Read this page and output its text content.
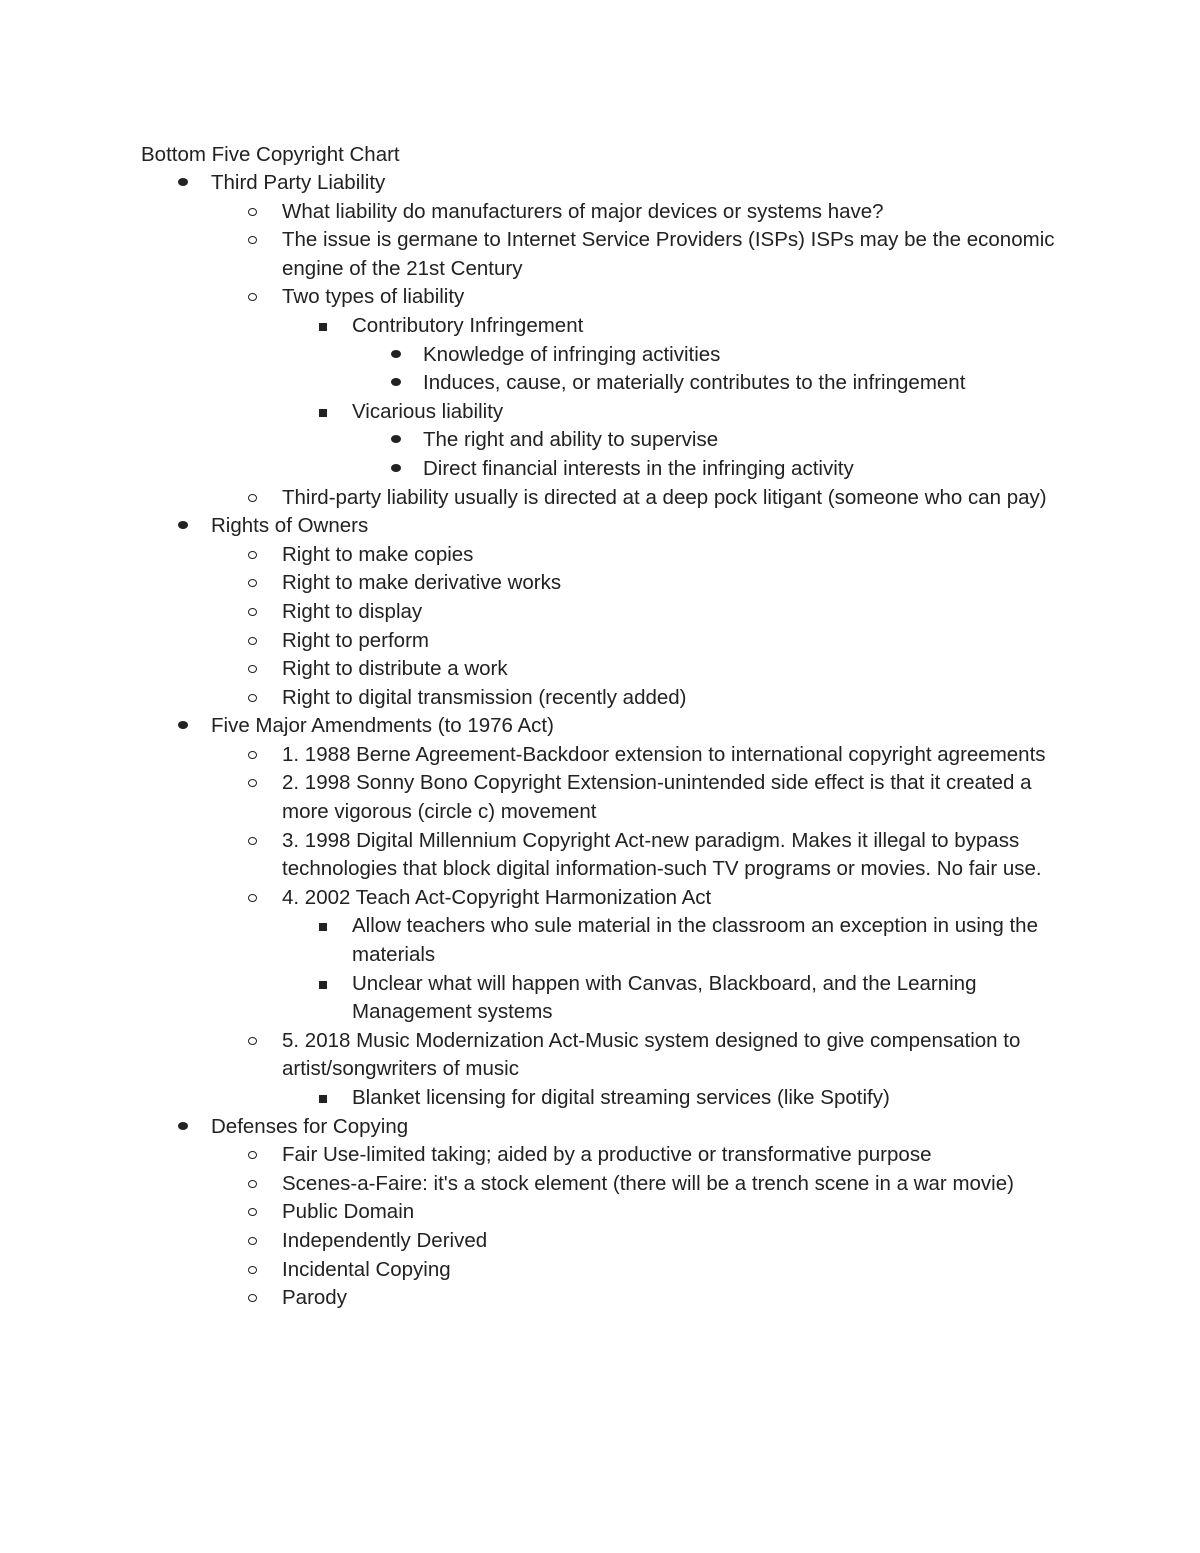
Bottom Five Copyright Chart
Third Party Liability
What liability do manufacturers of major devices or systems have?
The issue is germane to Internet Service Providers (ISPs) ISPs may be the economic engine of the 21st Century
Two types of liability
Contributory Infringement
Knowledge of infringing activities
Induces, cause, or materially contributes to the infringement
Vicarious liability
The right and ability to supervise
Direct financial interests in the infringing activity
Third-party liability usually is directed at a deep pock litigant (someone who can pay)
Rights of Owners
Right to make copies
Right to make derivative works
Right to display
Right to perform
Right to distribute a work
Right to digital transmission (recently added)
Five Major Amendments (to 1976 Act)
1. 1988 Berne Agreement-Backdoor extension to international copyright agreements
2. 1998 Sonny Bono Copyright Extension-unintended side effect is that it created a more vigorous (circle c) movement
3. 1998 Digital Millennium Copyright Act-new paradigm. Makes it illegal to bypass technologies that block digital information-such TV programs or movies. No fair use.
4. 2002 Teach Act-Copyright Harmonization Act
Allow teachers who sule material in the classroom an exception in using the materials
Unclear what will happen with Canvas, Blackboard, and the Learning Management systems
5. 2018 Music Modernization Act-Music system designed to give compensation to artist/songwriters of music
Blanket licensing for digital streaming services (like Spotify)
Defenses for Copying
Fair Use-limited taking; aided by a productive or transformative purpose
Scenes-a-Faire: it's a stock element (there will be a trench scene in a war movie)
Public Domain
Independently Derived
Incidental Copying
Parody
